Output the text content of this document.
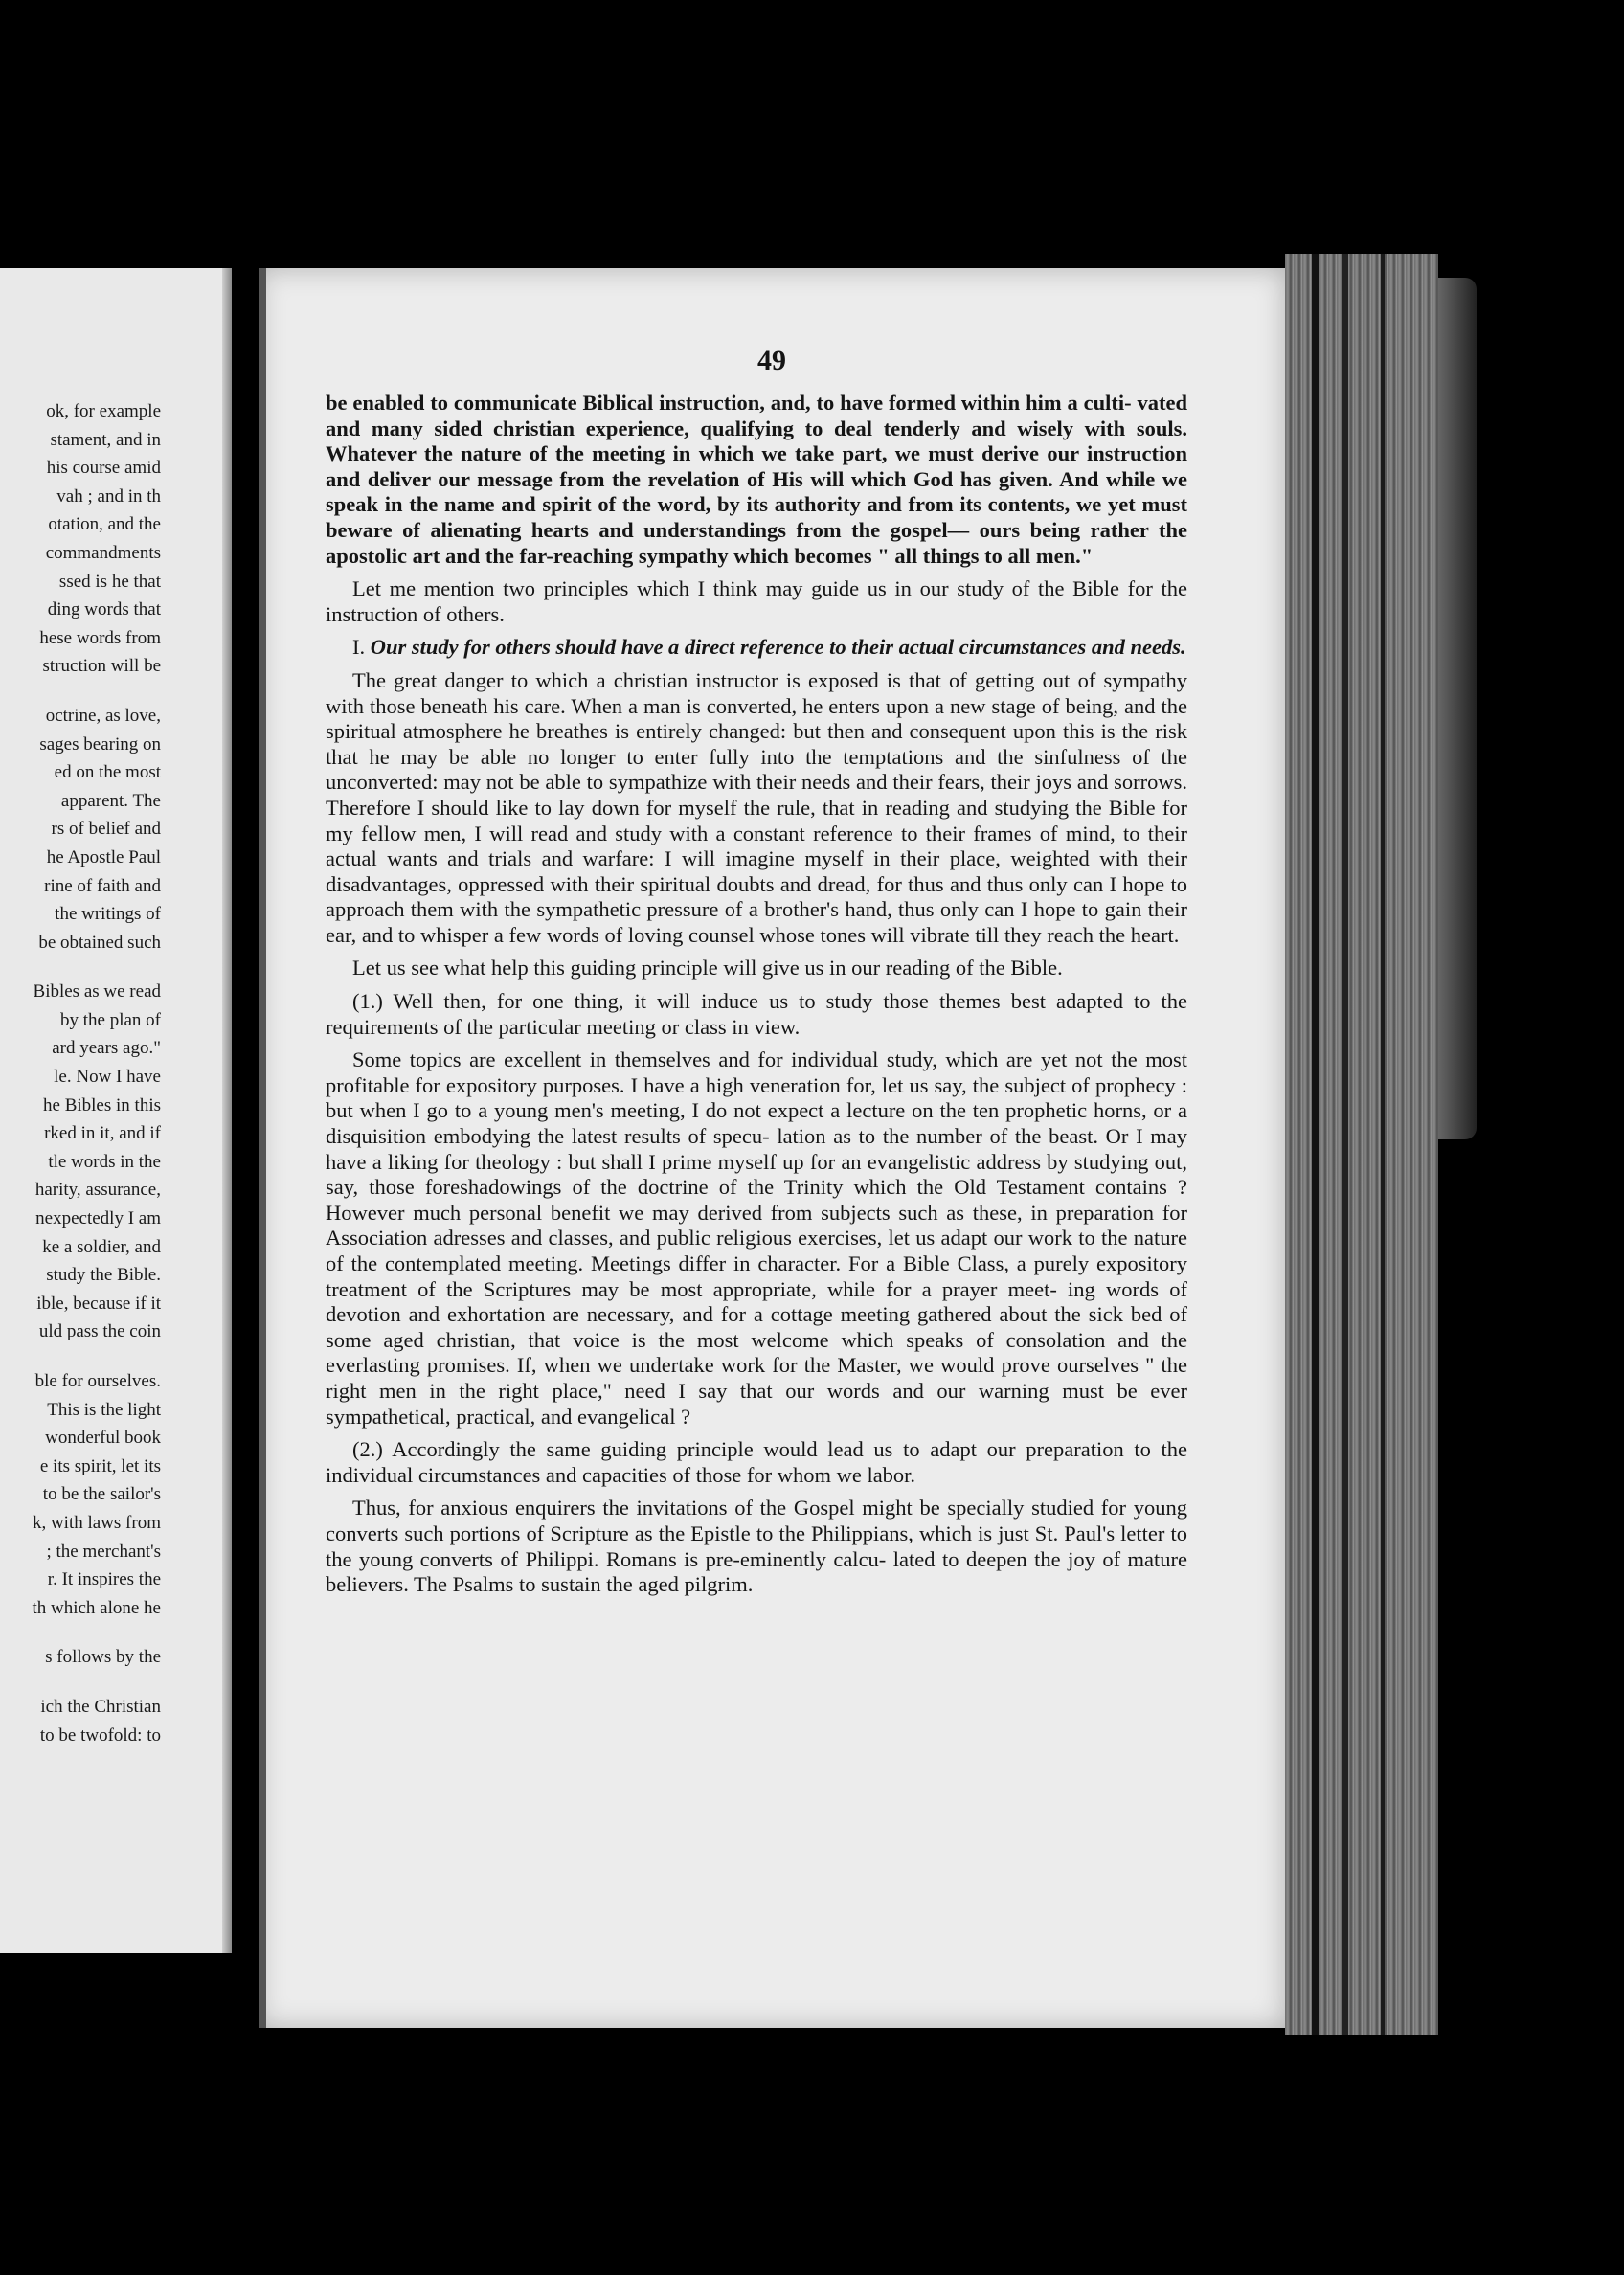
ok, for example
stament, and in
his course amid
vah ; and in th
otation, and the
commandments
ssed is he that
ding words that
hese words from
struction will be
octrine, as love,
sages bearing on
ed on the most
apparent. The
rs of belief and
he Apostle Paul
rine of faith and
the writings of
be obtained such
Bibles as we read
by the plan of
ard years ago."
le. Now I have
he Bibles in this
rked in it, and if
tle words in the
harity, assurance,
nexpectedly I am
ke a soldier, and
study the Bible.
ible, because if it
uld pass the coin
ble for ourselves.
This is the light
wonderful book
e its spirit, let its
to be the sailor's
k, with laws from
; the merchant's
r. It inspires the
th which alone he
s follows by the
ich the Christian
to be twofold: to
49

be enabled to communicate Biblical instruction, and, to have formed within him a culti- vated and many sided christian experience, qualifying to deal tenderly and wisely with souls. Whatever the nature of the meeting in which we take part, we must derive our instruction and deliver our message from the revelation of His will which God has given. And while we speak in the name and spirit of the word, by its authority and from its contents, we yet must beware of alienating hearts and understandings from the gospel— ours being rather the apostolic art and the far-reaching sympathy which becomes " all things to all men."

Let me mention two principles which I think may guide us in our study of the Bible for the instruction of others.

I. Our study for others should have a direct reference to their actual circumstances and needs.

The great danger to which a christian instructor is exposed is that of getting out of sympathy with those beneath his care. When a man is converted, he enters upon a new stage of being, and the spiritual atmosphere he breathes is entirely changed: but then and consequent upon this is the risk that he may be able no longer to enter fully into the temptations and the sinfulness of the unconverted: may not be able to sympathize with their needs and their fears, their joys and sorrows. Therefore I should like to lay down for myself the rule, that in reading and studying the Bible for my fellow men, I will read and study with a constant reference to their frames of mind, to their actual wants and trials and warfare: I will imagine myself in their place, weighted with their disadvantages, oppressed with their spiritual doubts and dread, for thus and thus only can I hope to approach them with the sympathetic pressure of a brother's hand, thus only can I hope to gain their ear, and to whisper a few words of loving counsel whose tones will vibrate till they reach the heart.

Let us see what help this guiding principle will give us in our reading of the Bible.

(1.) Well then, for one thing, it will induce us to study those themes best adapted to the requirements of the particular meeting or class in view.

Some topics are excellent in themselves and for individual study, which are yet not the most profitable for expository purposes. I have a high veneration for, let us say, the subject of prophecy : but when I go to a young men's meeting, I do not expect a lecture on the ten prophetic horns, or a disquisition embodying the latest results of specu- lation as to the number of the beast. Or I may have a liking for theology : but shall I prime myself up for an evangelistic address by studying out, say, those foreshadowings of the doctrine of the Trinity which the Old Testament contains ? However much personal benefit we may derived from subjects such as these, in preparation for Association adresses and classes, and public religious exercises, let us adapt our work to the nature of the contemplated meeting. Meetings differ in character. For a Bible Class, a purely expository treatment of the Scriptures may be most appropriate, while for a prayer meet- ing words of devotion and exhortation are necessary, and for a cottage meeting gathered about the sick bed of some aged christian, that voice is the most welcome which speaks of consolation and the everlasting promises. If, when we undertake work for the Master, we would prove ourselves " the right men in the right place," need I say that our words and our warning must be ever sympathetical, practical, and evangelical ?

(2.) Accordingly the same guiding principle would lead us to adapt our preparation to the individual circumstances and capacities of those for whom we labor.

Thus, for anxious enquirers the invitations of the Gospel might be specially studied for young converts such portions of Scripture as the Epistle to the Philippians, which is just St. Paul's letter to the young converts of Philippi. Romans is pre-eminently calcu- lated to deepen the joy of mature believers. The Psalms to sustain the aged pilgrim.
